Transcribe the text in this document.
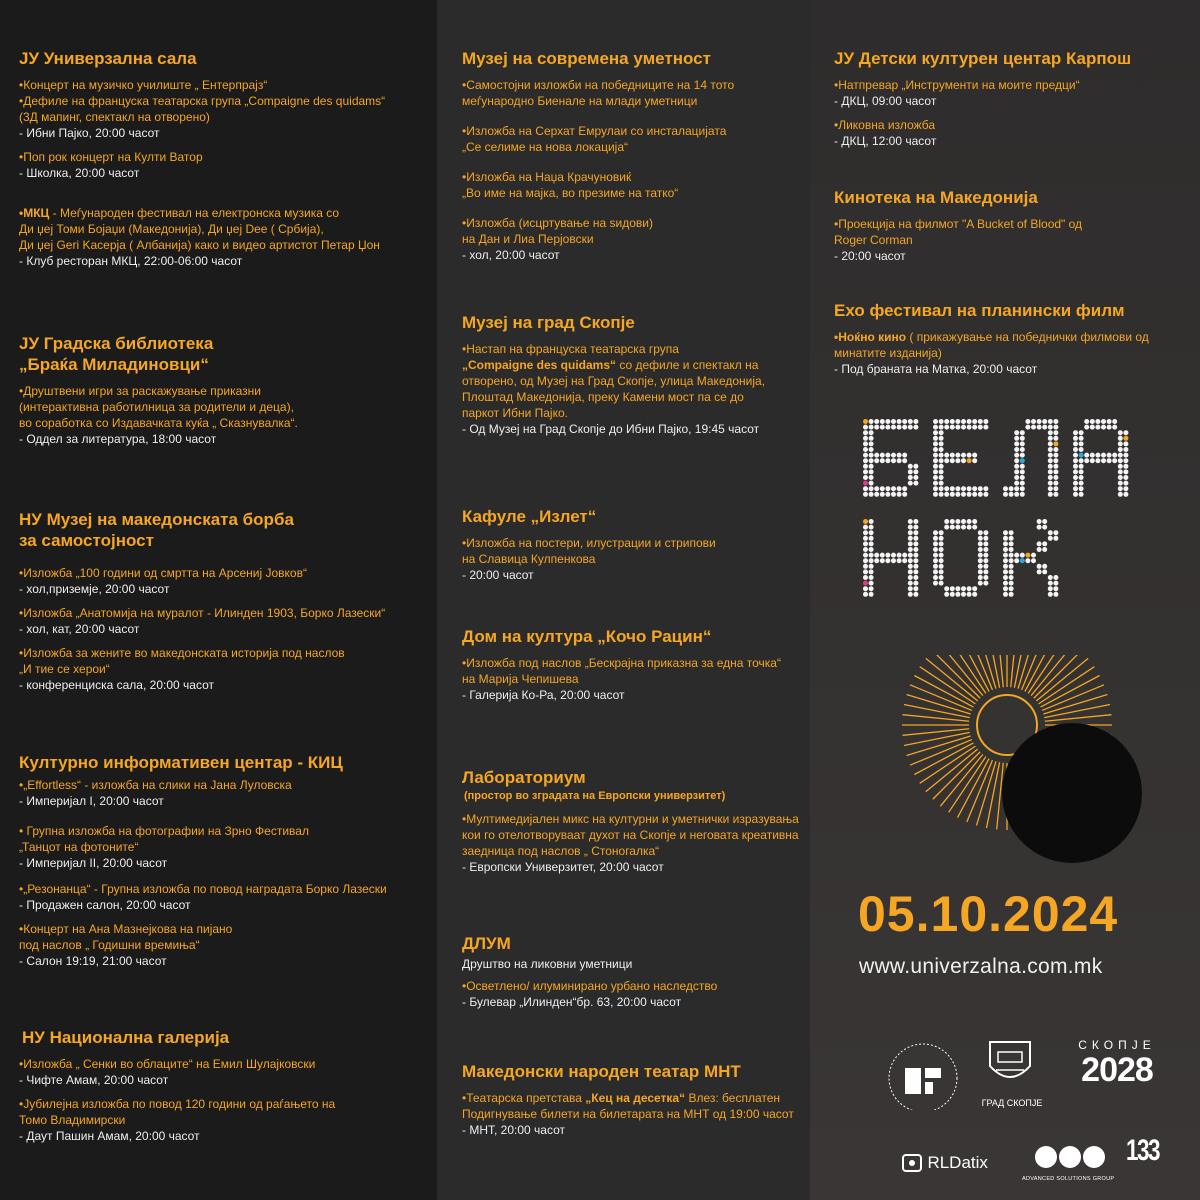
ЈУ Универзална сала
•Концерт на музичко училиште „ Ентерпрајз“
•Дефиле на француска театарска група „Compaigne des quidams“
(3Д мапинг, спектакл на отворено)
- Ибни Пајко, 20:00 часот
•Поп рок концерт на Култи Ватор
- Школка, 20:00 часот
•МКЦ - Меѓународен фестивал на електронска музика со
Ди џеј Томи Бојаџи (Македонија), Ди џеј Dee ( Србија),
Ди џеј Geri Kaceрја ( Албанија) како и видео артистот Петар Џон
- Клуб ресторан МКЦ, 22:00-06:00 часот
ЈУ Градска библиотека
„Браќа Миладиновци“
•Друштвени игри за раскажување приказни
(интерактивна работилница за родители и деца),
во соработка со Издавачката куќа „ Сказнувалка“.
- Оддел за литература, 18:00 часот
НУ Музеј на македонската борба
за самостојност
•Изложба „100 години од смртта на Арсениј Јовков“
- хол,приземје, 20:00 часот
•Изложба „Анатомија на муралот - Илинден 1903, Борко Лазески“
- хол, кат, 20:00 часот
•Изложба за жените во македонската историја под наслов
„И тие се херои“
- конференциска сала, 20:00 часот
Културно информативен центар - КИЦ
•„Effortless“ - изложба на слики на Јана Луловска
- Империјал I, 20:00 часот
• Групна изложба на фотографии на Зрно Фестивал
„Танцот на фотоните“
- Империјал II, 20:00 часот
•„Резонанца“ - Групна изложба по повод наградата Борко Лазески
- Продажен салон, 20:00 часот
•Концерт на Ана Мазнејкова на пијано
под наслов „ Годишни времиња“
- Салон 19:19, 21:00 часот
НУ Национална галерија
•Изложба „ Сенки во облаците“ на Емил Шулајковски
- Чифте Амам, 20:00 часот
•Јубилејна изложба по повод 120 години од раѓањето на
Томо Владимирски
- Даут Пашин Амам, 20:00 часот
Музеј на современа уметност
•Самостојни изложби на победниците на 14 тото
меѓународно Биенале на млади уметници
•Изложба на Серхат Емрулаи со инсталацијата
„Се селиме на нова локација“
•Изложба на Наџа Крачуновиќ
„Во име на мајка, во презиме на татко“
•Изложба (исцртување на ѕидови)
на Дан и Лиа Перјовски
- хол, 20:00 часот
Музеј на град Скопје
•Настап на француска театарска група
„Compaigne des quidams“ со дефиле и спектакл на
отворено, од Музеј на Град Скопје, улица Македонија,
Плоштад Македонија, преку Камени мост па се до
паркот Ибни Пајко.
- Од Музеј на Град Скопје до Ибни Пајко, 19:45 часот
Кафуле „Излет“
•Изложба на постери, илустрации и стрипови
на Славица Кулпенкова
- 20:00 часот
Дом на култура „Кочо Рацин“
•Изложба под наслов „Бескрајна приказна за една точка“
на Марија Чепишева
- Галерија Ко-Ра, 20:00 часот
Лабораториум
(простор во зградата на Европски универзитет)
•Мултимедијален микс на културни и уметнички изразувања
кои го отелотворуваат духот на Скопје и неговата креативна
заедница под наслов „ Стоногалка“
- Европски Универзитет, 20:00 часот
ДЛУМ
Друштво на ликовни уметници
•Осветлено/ илуминирано урбано наследство
- Булевар „Илинден“бр. 63, 20:00 часот
Македонски народен театар МНТ
•Театарска претстава „Кец на десетка“ Влез: бесплатен
Подигнување билети на билетарата на МНТ од 19:00 часот
- МНТ, 20:00 часот
ЈУ Детски културен центар Карпош
•Натпревар „Инструменти на моите предци“
- ДКЦ, 09:00 часот
•Ликовна изложба
- ДКЦ, 12:00 часот
Кинотека на Македонија
•Проекција на филмот "A Bucket of Blood" од
Roger Corman
- 20:00 часот
Ехо фестивал на планински филм
•Ноќно кино ( прикажување на победнички филмови од
минатите изданија)
- Под браната на Матка, 20:00 часот
05.10.2024
www.univerzalna.com.mk
ГРАД СКОПЈЕ
СКОПЈЕ
2028
RLDatix
ADVANCED SOLUTIONS GROUP
133
